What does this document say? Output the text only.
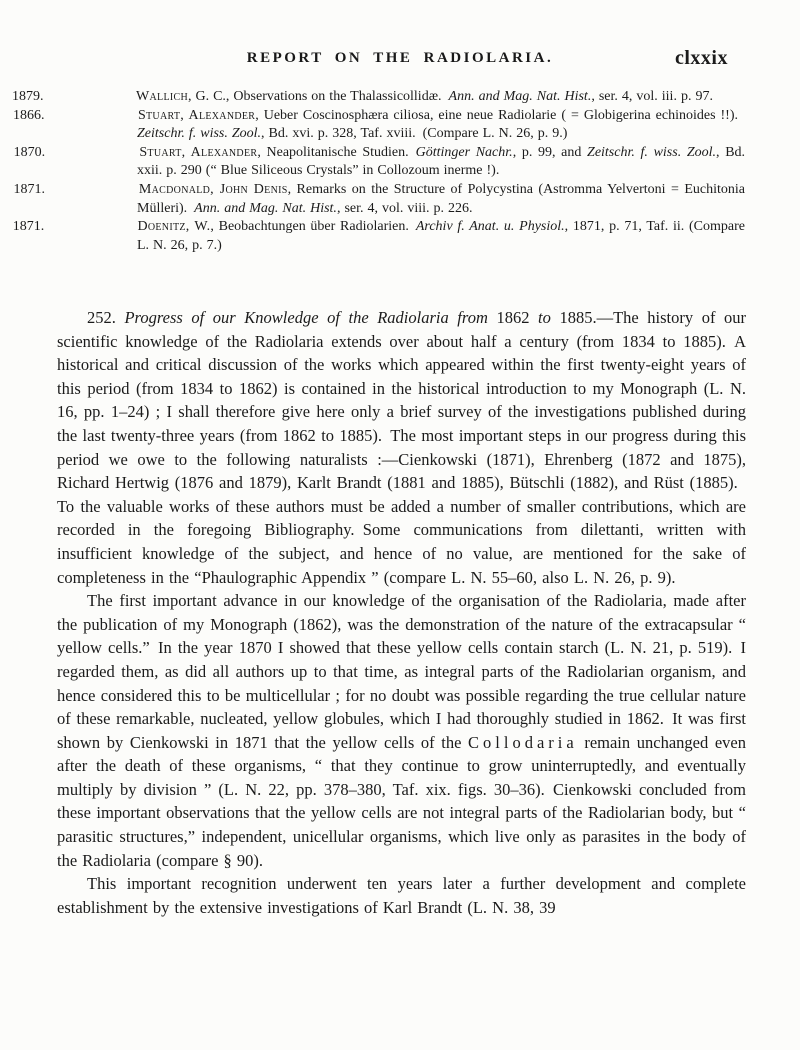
REPORT ON THE RADIOLARIA.	clxxix
1879.	Wallich, G. C., Observations on the Thalassicollidæ. Ann. and Mag. Nat. Hist., ser. 4, vol. iii. p. 97.
1866.	Stuart, Alexander, Ueber Coscinosphæra ciliosa, eine neue Radiolarie ( = Globigerina echinoides !!). Zeitschr. f. wiss. Zool., Bd. xvi. p. 328, Taf. xviii. (Compare L. N. 26, p. 9.)
1870.	Stuart, Alexander, Neapolitanische Studien. Göttinger Nachr., p. 99, and Zeitschr. f. wiss. Zool., Bd. xxii. p. 290 (“ Blue Siliceous Crystals” in Collozoum inerme !).
1871.	Macdonald, John Denis, Remarks on the Structure of Polycystina (Astromma Yelvertoni = Euchitonia Mülleri). Ann. and Mag. Nat. Hist., ser. 4, vol. viii. p. 226.
1871.	Doenitz, W., Beobachtungen über Radiolarien. Archiv f. Anat. u. Physiol., 1871, p. 71, Taf. ii. (Compare L. N. 26, p. 7.)

252. Progress of our Knowledge of the Radiolaria from 1862 to 1885.—The history of our scientific knowledge of the Radiolaria extends over about half a century (from 1834 to 1885). A historical and critical discussion of the works which appeared within the first twenty-eight years of this period (from 1834 to 1862) is contained in the historical introduction to my Monograph (L. N. 16, pp. 1–24) ; I shall therefore give here only a brief survey of the investigations published during the last twenty-three years (from 1862 to 1885). The most important steps in our progress during this period we owe to the following naturalists :—Cienkowski (1871), Ehrenberg (1872 and 1875), Richard Hertwig (1876 and 1879), Karlt Brandt (1881 and 1885), Bütschli (1882), and Rüst (1885). To the valuable works of these authors must be added a number of smaller contributions, which are recorded in the foregoing Bibliography. Some communications from dilettanti, written with insufficient knowledge of the subject, and hence of no value, are mentioned for the sake of completeness in the “Phaulographic Appendix ” (compare L. N. 55–60, also L. N. 26, p. 9).

The first important advance in our knowledge of the organisation of the Radiolaria, made after the publication of my Monograph (1862), was the demonstration of the nature of the extracapsular “ yellow cells.” In the year 1870 I showed that these yellow cells contain starch (L. N. 21, p. 519). I regarded them, as did all authors up to that time, as integral parts of the Radiolarian organism, and hence considered this to be multicellular ; for no doubt was possible regarding the true cellular nature of these remarkable, nucleated, yellow globules, which I had thoroughly studied in 1862. It was first shown by Cienkowski in 1871 that the yellow cells of the Collodaria remain unchanged even after the death of these organisms, “ that they continue to grow uninterruptedly, and eventually multiply by division ” (L. N. 22, pp. 378–380, Taf. xix. figs. 30–36). Cienkowski concluded from these important observations that the yellow cells are not integral parts of the Radiolarian body, but “ parasitic structures,” independent, unicellular organisms, which live only as parasites in the body of the Radiolaria (compare § 90).

This important recognition underwent ten years later a further development and complete establishment by the extensive investigations of Karl Brandt (L. N. 38, 39
